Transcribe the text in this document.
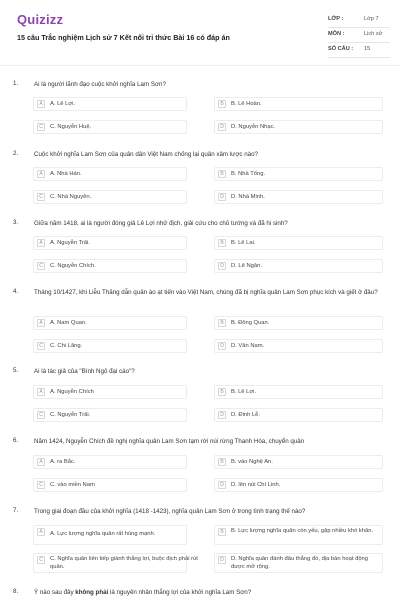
Quizizz
15 câu Trắc nghiệm Lịch sử 7 Kết nối tri thức Bài 16 có đáp án
LỚP :	Lớp 7
MÔN :	Lịch sử
SỐ CÂU : 15
1.	Ai là người lãnh đạo cuộc khởi nghĩa Lam Sơn?
A	A. Lê Lợi.	B	B. Lê Hoàn.
C	C. Nguyễn Huệ.	D	D. Nguyễn Nhạc.
2.	Cuộc khởi nghĩa Lam Sơn của quân dân Việt Nam chống lại quân xâm lược nào?
A	A. Nhà Hán.	B	B. Nhà Tống.
C	C. Nhà Nguyên.	D	D. Nhà Minh.
3.	Giữa năm 1418, ai là người đóng giả Lê Lợi nhử địch, giải cứu cho chủ tướng và đã hi sinh?
A	A. Nguyễn Trãi.	B	B. Lê Lai.
C	C. Nguyễn Chích.	D	D. Lê Ngân.
4.	Tháng 10/1427, khi Liễu Thăng dẫn quân ào ạt tiến vào Việt Nam, chúng đã bị nghĩa quân Lam Sơn phục kích và giết ở đâu?
A	A. Nam Quan.	B	B. Đông Quan.
C	C. Chi Lăng.	D	D. Vân Nam.
5.	Ai là tác giả của "Bình Ngô đại cáo"?
A	A. Nguyễn Chích	B	B. Lê Lợi.
C	C. Nguyễn Trãi.	D	D. Đinh Lễ.
6.	Năm 1424, Nguyễn Chích đề nghị nghĩa quân Lam Sơn tạm rời núi rừng Thanh Hóa, chuyển quân
A	A. ra Bắc.	B	B. vào Nghệ An.
C	C. vào miền Nam	D	D. lên núi Chí Linh.
7.	Trong giai đoạn đầu của khởi nghĩa (1418 -1423), nghĩa quân Lam Sơn ở trong tình trạng thế nào?
A	A. Lực lượng nghĩa quân rất hùng mạnh.	B	B. Lực lượng nghĩa quân còn yếu, gặp nhiều khó khăn.
C	C. Nghĩa quân liên tiếp giành thắng lợi, buộc địch phải rút quân.
D	D. Nghĩa quân đánh đâu thắng đó, địa bàn hoạt động được mở rộng.
8.	Ý nào sau đây không phải là nguyên nhân thắng lợi của khởi nghĩa Lam Sơn?
